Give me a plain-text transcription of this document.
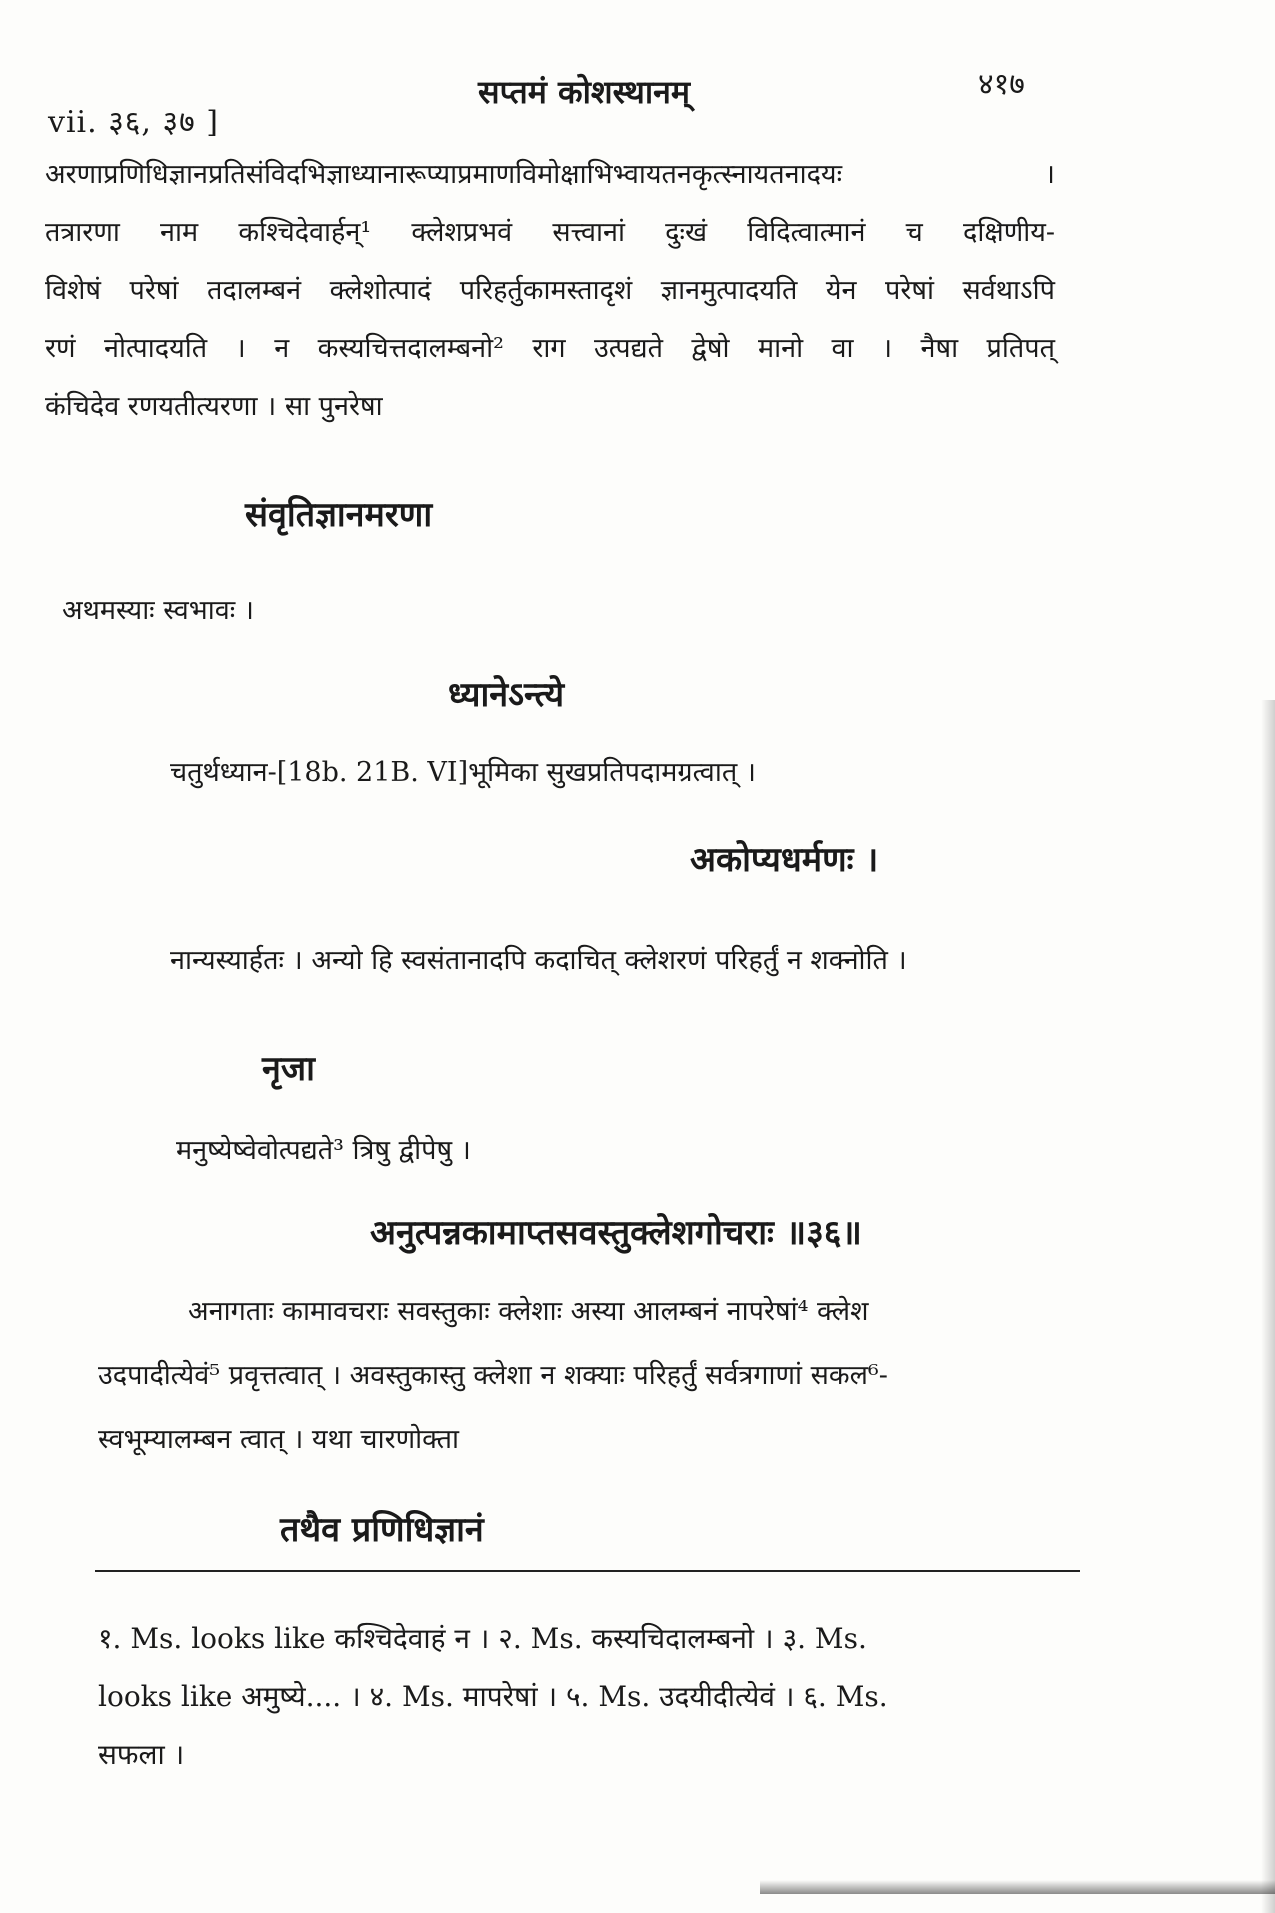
vii. ३६, ३७ ]
सप्तमं कोशस्थानम्	४१७
अरणाप्रणिधिज्ञानप्रतिसंविदभिज्ञाध्यानारूप्याप्रमाणविमोक्षाभिभ्वायतनकृत्स्नायतनादयः ।
तत्रारणा नाम कश्चिदेवार्हन्¹ क्लेशप्रभवं सत्त्वानां दुःखं विदित्वात्मानं च दक्षिणीय-
विशेषं परेषां तदालम्बनं क्लेशोत्पादं परिहर्तुकामस्तादृशं ज्ञानमुत्पादयति येन परेषां सर्वथाऽपि
रणं नोत्पादयति । न कस्यचित्तदालम्बनो² राग उत्पद्यते द्वेषो मानो वा । नैषा प्रतिपत्
कंचिदेव रणयतीत्यरणा । सा पुनरेषा
संवृतिज्ञानमरणा
अथमस्याः स्वभावः ।
ध्यानेऽन्त्ये
चतुर्थध्यान-[18b. 21B. VI]भूमिका सुखप्रतिपदामग्रत्वात् ।
अकोप्यधर्मणः ।
नान्यस्यार्हतः । अन्यो हि स्वसंतानादपि कदाचित् क्लेशरणं परिहर्तुं न शक्नोति ।
नृजा
मनुष्येष्वेवोत्पद्यते³ त्रिषु द्वीपेषु ।
अनुत्पन्नकामाप्तसवस्तुक्लेशगोचराः ॥३६॥
अनागताः कामावचराः सवस्तुकाः क्लेशाः अस्या आलम्बनं नापरेषां⁴ क्लेश
उदपादीत्येवं⁵ प्रवृत्तत्वात् । अवस्तुकास्तु क्लेशा न शक्याः परिहर्तुं सर्वत्रगाणां सकल⁶-
स्वभूम्यालम्बन त्वात् । यथा चारणोक्ता
तथैव प्रणिधिज्ञानं
१. Ms. looks like कश्चिदेवाहं न । २. Ms. कस्यचिदालम्बनो । ३. Ms.
looks like अमुष्ये.... । ४. Ms. मापरेषां । ५. Ms. उदयीदीत्येवं । ६. Ms.
सफला ।
